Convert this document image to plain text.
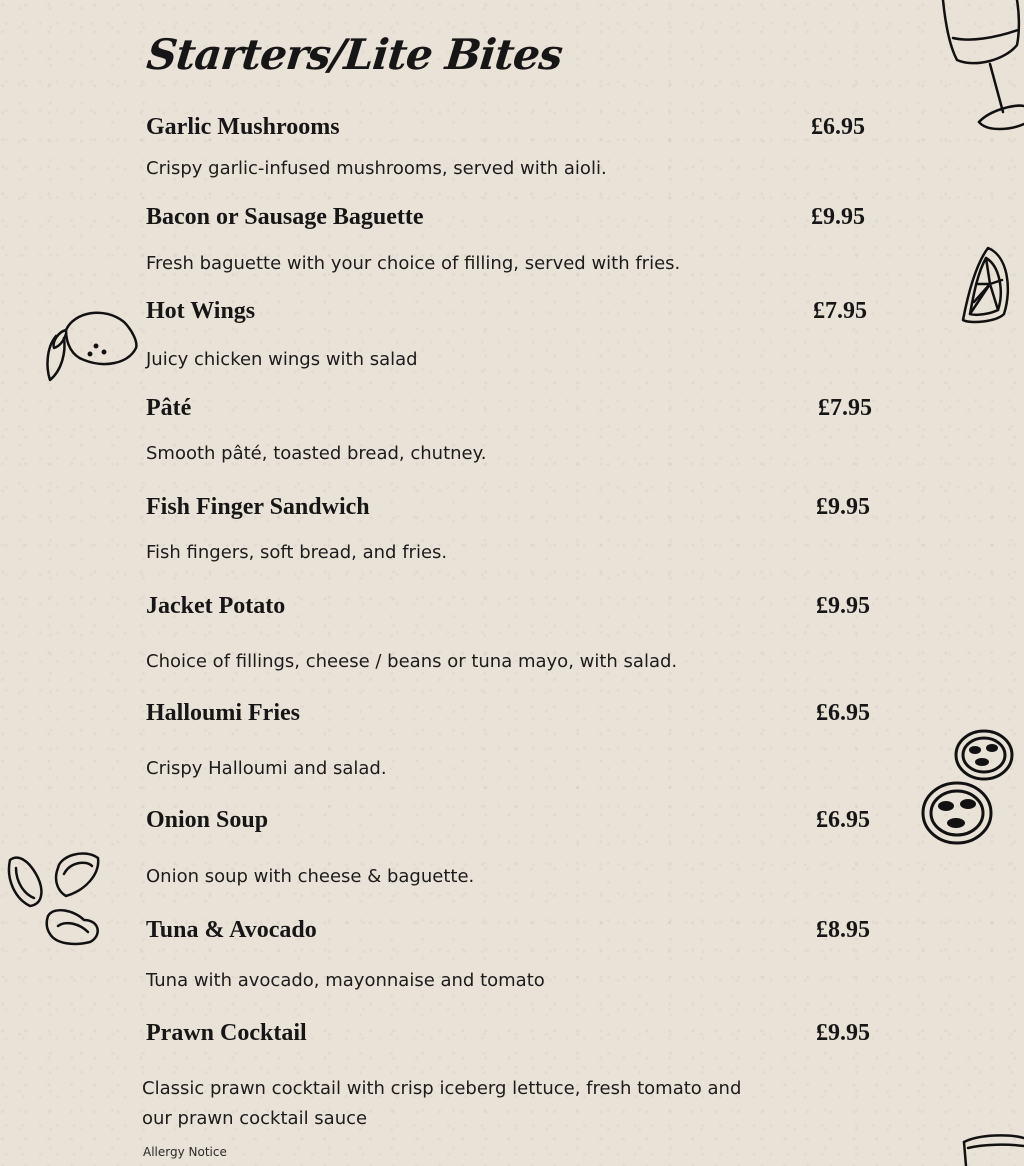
Starters/Lite Bites
Garlic Mushrooms	£6.95
Crispy garlic-infused mushrooms, served with aioli.
Bacon or Sausage Baguette	£9.95
Fresh baguette with your choice of filling, served with fries.
Hot Wings	£7.95
Juicy chicken wings with salad
Pâté	£7.95
Smooth pâté, toasted bread, chutney.
Fish Finger Sandwich	£9.95
Fish fingers, soft bread, and fries.
Jacket Potato	£9.95
Choice of fillings, cheese / beans or tuna mayo, with salad.
Halloumi Fries	£6.95
Crispy Halloumi and salad.
Onion Soup	£6.95
Onion soup with cheese & baguette.
Tuna & Avocado	£8.95
Tuna with avocado, mayonnaise and tomato
Prawn Cocktail	£9.95
Classic prawn cocktail with crisp iceberg lettuce, fresh tomato and our prawn cocktail sauce
Allergy Notice
